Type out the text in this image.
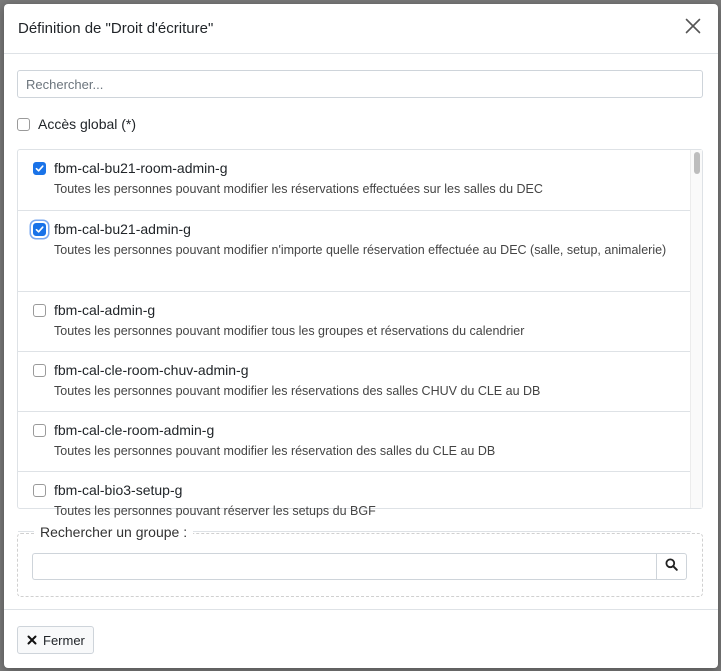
Définition de "Droit d'écriture"
Rechercher...
Accès global (*)
fbm-cal-bu21-room-admin-g
Toutes les personnes pouvant modifier les réservations effectuées sur les salles du DEC
fbm-cal-bu21-admin-g
Toutes les personnes pouvant modifier n'importe quelle réservation effectuée au DEC (salle, setup, animalerie)
fbm-cal-admin-g
Toutes les personnes pouvant modifier tous les groupes et réservations du calendrier
fbm-cal-cle-room-chuv-admin-g
Toutes les personnes pouvant modifier les réservations des salles CHUV du CLE au DB
fbm-cal-cle-room-admin-g
Toutes les personnes pouvant modifier les réservation des salles du CLE au DB
fbm-cal-bio3-setup-g
Toutes les personnes pouvant réserver les setups du BGF
Rechercher un groupe :
Fermer
